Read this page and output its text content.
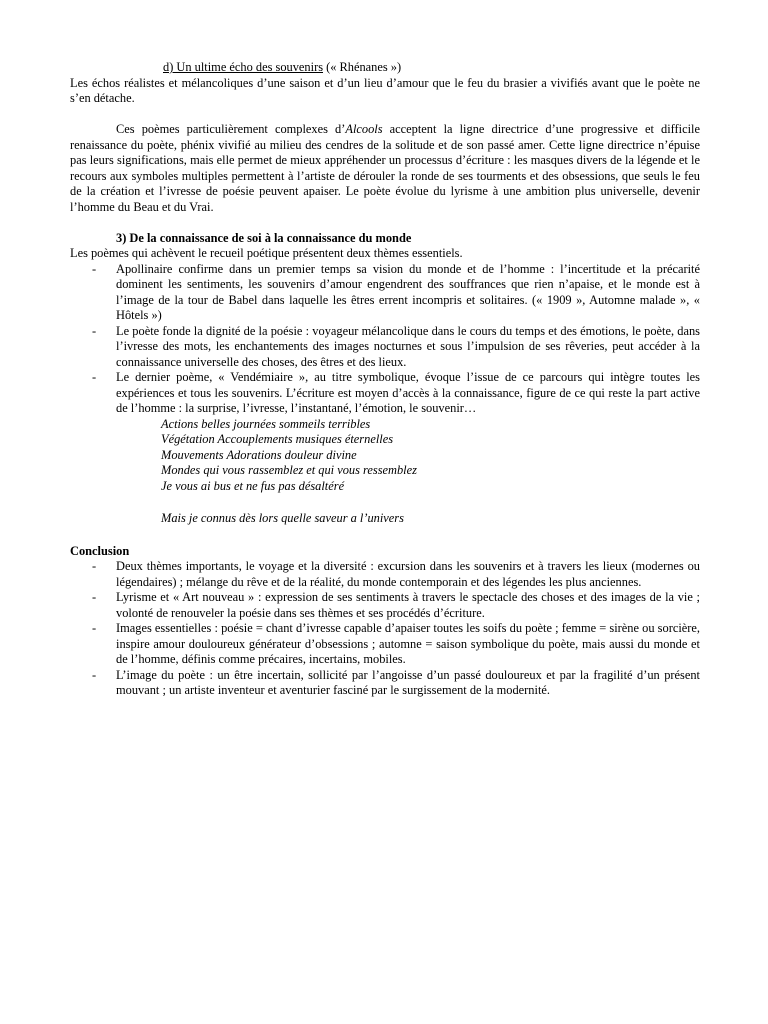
d) Un ultime écho des souvenirs (« Rhénanes »)

Les échos réalistes et mélancoliques d’une saison et d’un lieu d’amour que le feu du brasier a vivifiés avant que le poète ne s’en détache.

Ces poèmes particulièrement complexes d’Alcools acceptent la ligne directrice d’une progressive et difficile renaissance du poète, phénix vivifié au milieu des cendres de la solitude et de son passé amer. Cette ligne directrice n’épuise pas leurs significations, mais elle permet de mieux appréhender un processus d’écriture : les masques divers de la légende et le recours aux symboles multiples permettent à l’artiste de dérouler la ronde de ses tourments et des obsessions, que seuls le feu de la création et l’ivresse de poésie peuvent apaiser. Le poète évolue du lyrisme à une ambition plus universelle, devenir l’homme du Beau et du Vrai.

3) De la connaissance de soi à la connaissance du monde

Les poèmes qui achèvent le recueil poétique présentent deux thèmes essentiels.

- Apollinaire confirme dans un premier temps sa vision du monde et de l’homme : l’incertitude et la précarité dominent les sentiments, les souvenirs d’amour engendrent des souffrances que rien n’apaise, et le monde est à l’image de la tour de Babel dans laquelle les êtres errent incompris et solitaires. (« 1909 », Automne malade », « Hôtels »)
- Le poète fonde la dignité de la poésie : voyageur mélancolique dans le cours du temps et des émotions, le poète, dans l’ivresse des mots, les enchantements des images nocturnes et sous l’impulsion de ses rêveries, peut accéder à la connaissance universelle des choses, des êtres et des lieux.
- Le dernier poème, « Vendémiaire », au titre symbolique, évoque l’issue de ce parcours qui intègre toutes les expériences et tous les souvenirs. L’écriture est moyen d’accès à la connaissance, figure de ce qui reste la part active de l’homme : la surprise, l’ivresse, l’instantané, l’émotion, le souvenir…

Actions belles journées sommeils terribles

Végétation Accouplements musiques éternelles

Mouvements Adorations douleur divine

Mondes qui vous rassemblez et qui vous ressemblez

Je vous ai bus et ne fus pas désaltéré

Mais je connus dès lors quelle saveur a l’univers

Conclusion

- Deux thèmes importants, le voyage et la diversité : excursion dans les souvenirs et à travers les lieux (modernes ou légendaires) ; mélange du rêve et de la réalité, du monde contemporain et des légendes les plus anciennes.
- Lyrisme et « Art nouveau » : expression de ses sentiments à travers le spectacle des choses et des images de la vie ; volonté de renouveler la poésie dans ses thèmes et ses procédés d’écriture.
- Images essentielles : poésie = chant d’ivresse capable d’apaiser toutes les soifs du poète ; femme = sirène ou sorcière, inspire amour douloureux générateur d’obsessions ; automne = saison symbolique du poète, mais aussi du monde et de l’homme, définis comme précaires, incertains, mobiles.
- L’image du poète : un être incertain, sollicité par l’angoisse d’un passé douloureux et par la fragilité d’un présent mouvant ; un artiste inventeur et aventurier fasciné par le surgissement de la modernité.
